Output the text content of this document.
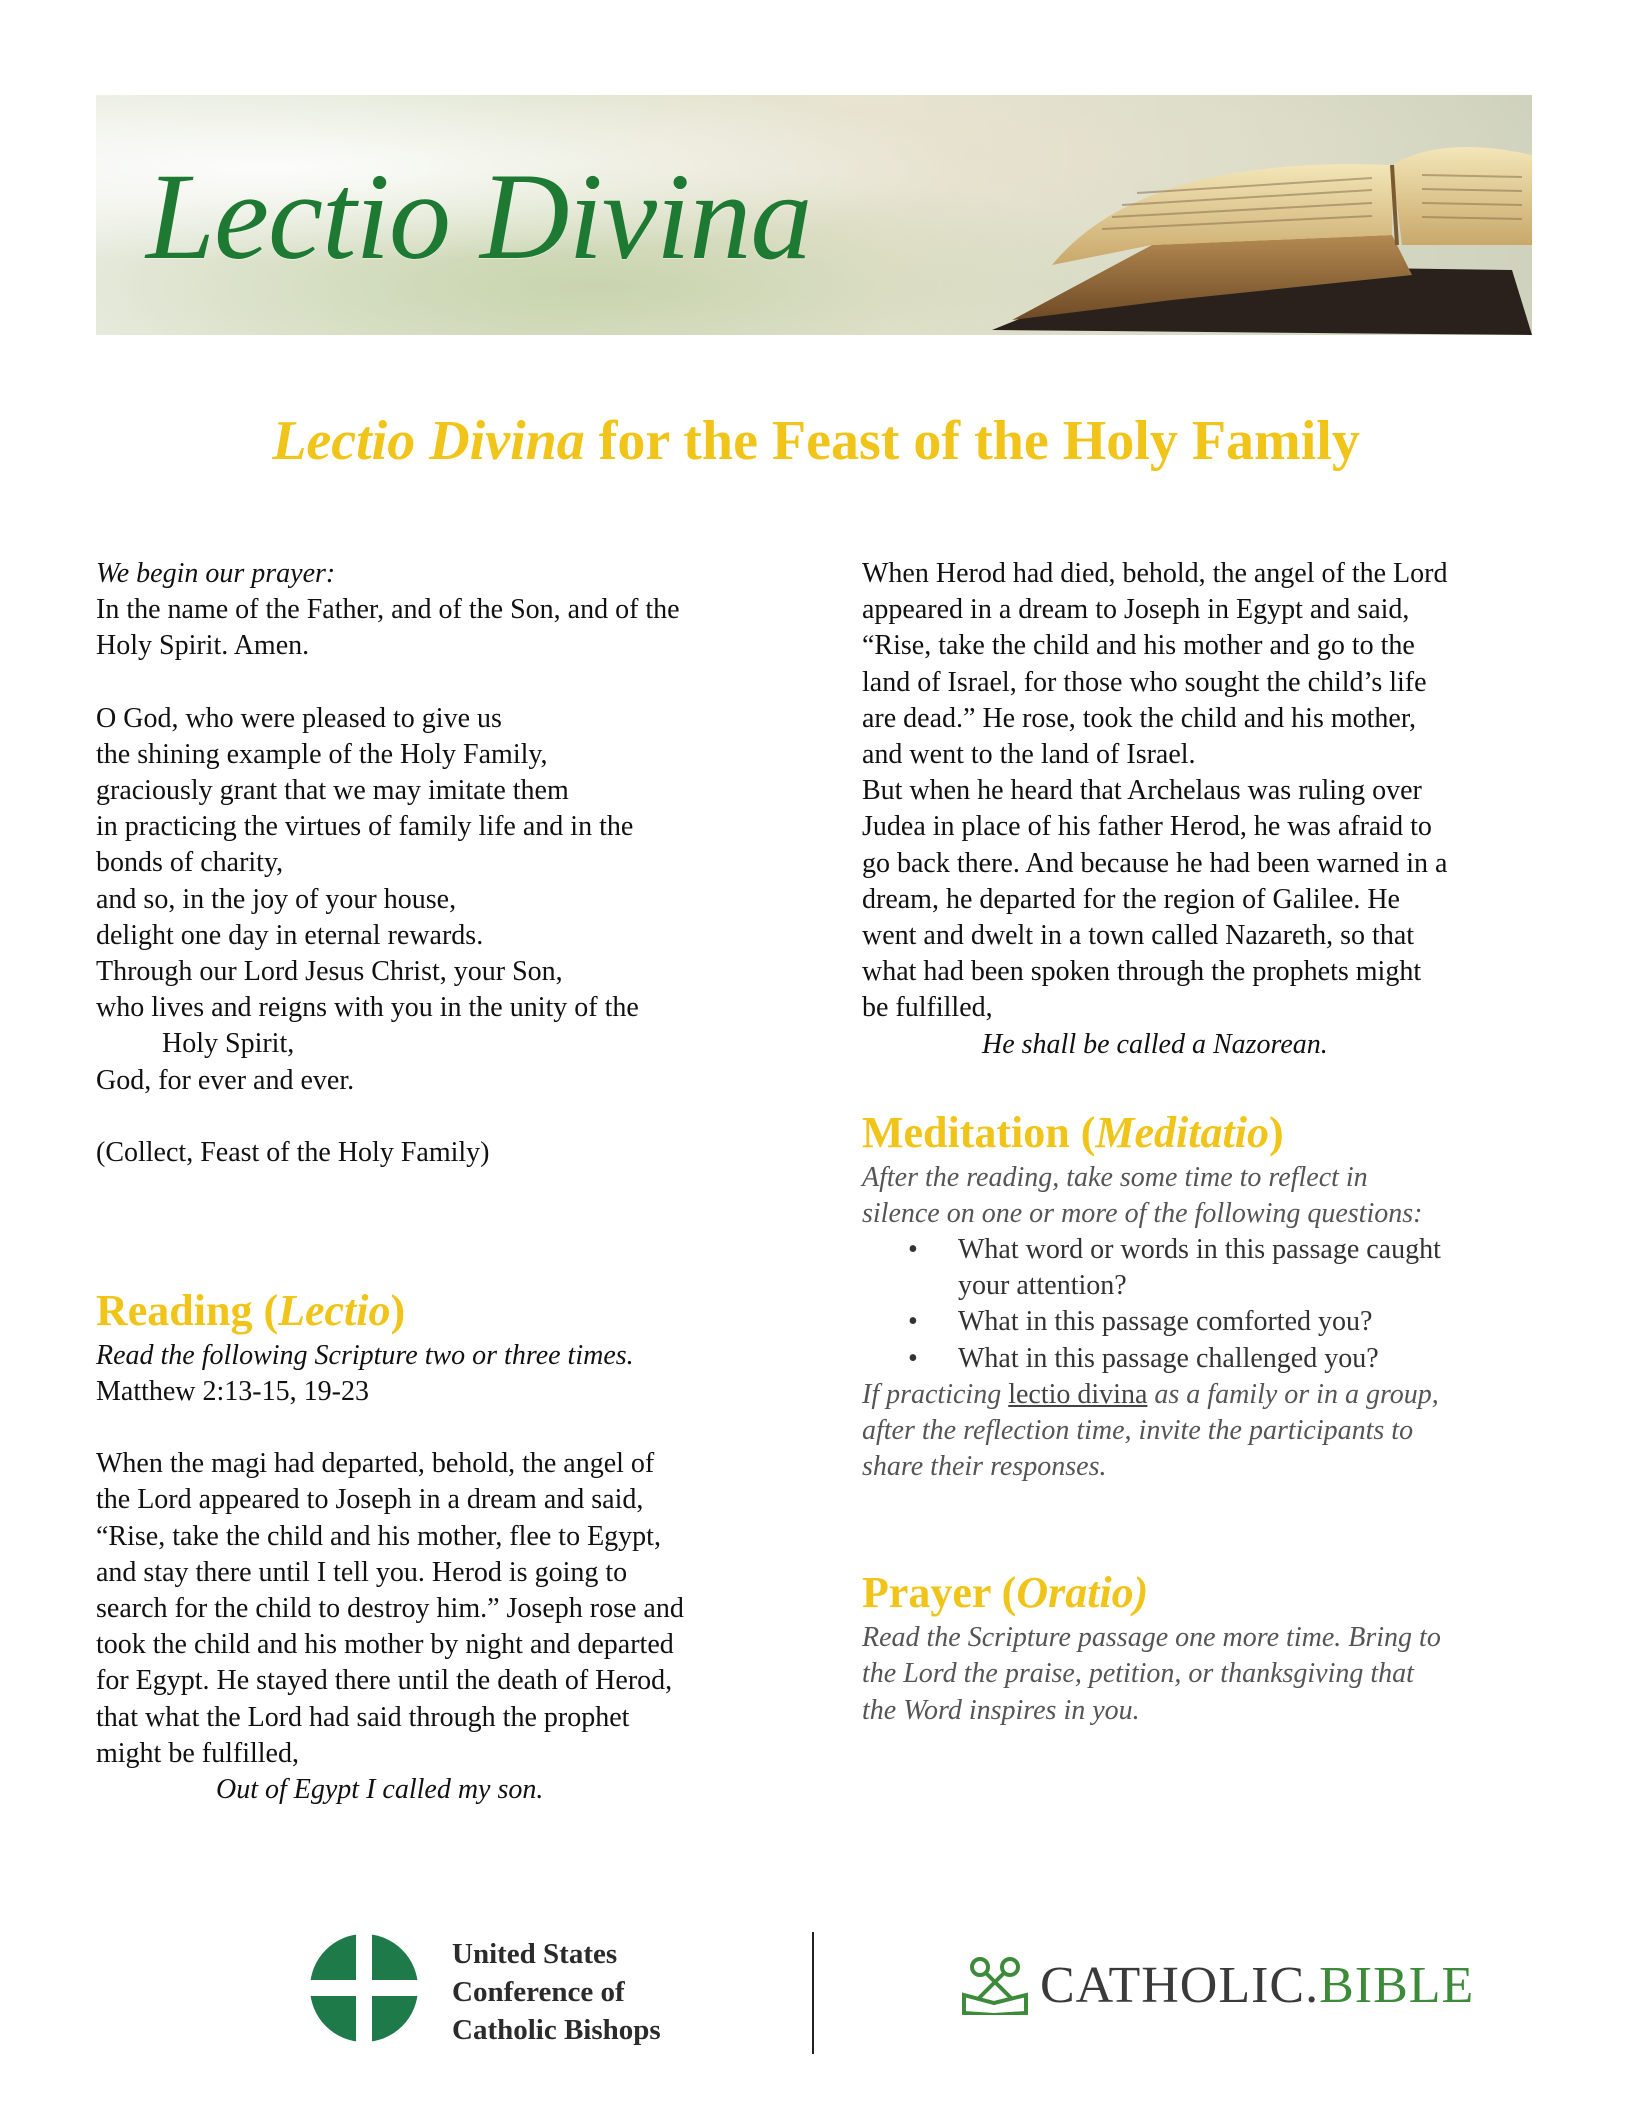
Lectio Divina
Lectio Divina for the Feast of the Holy Family

We begin our prayer:

In the name of the Father, and of the Son, and of the

Holy Spirit. Amen.

O God, who were pleased to give us

the shining example of the Holy Family,

graciously grant that we may imitate them

in practicing the virtues of family life and in the

bonds of charity,

and so, in the joy of your house,

delight one day in eternal rewards.

Through our Lord Jesus Christ, your Son,

who lives and reigns with you in the unity of the

Holy Spirit,

God, for ever and ever.

(Collect, Feast of the Holy Family)

Reading (Lectio)

Read the following Scripture two or three times.

Matthew 2:13-15, 19-23

When the magi had departed, behold, the angel of

the Lord appeared to Joseph in a dream and said,

“Rise, take the child and his mother, flee to Egypt,

and stay there until I tell you. Herod is going to

search for the child to destroy him.” Joseph rose and

took the child and his mother by night and departed

for Egypt. He stayed there until the death of Herod,

that what the Lord had said through the prophet

might be fulfilled,

Out of Egypt I called my son.

When Herod had died, behold, the angel of the Lord

appeared in a dream to Joseph in Egypt and said,

“Rise, take the child and his mother and go to the

land of Israel, for those who sought the child’s life

are dead.” He rose, took the child and his mother,

and went to the land of Israel.

But when he heard that Archelaus was ruling over

Judea in place of his father Herod, he was afraid to

go back there. And because he had been warned in a

dream, he departed for the region of Galilee. He

went and dwelt in a town called Nazareth, so that

what had been spoken through the prophets might

be fulfilled,

He shall be called a Nazorean.

Meditation (Meditatio)

After the reading, take some time to reflect in

silence on one or more of the following questions:

• What word or words in this passage caught
your attention?
• What in this passage comforted you?
• What in this passage challenged you?

If practicing lectio divina as a family or in a group,

after the reflection time, invite the participants to

share their responses.

Prayer (Oratio)

Read the Scripture passage one more time. Bring to

the Lord the praise, petition, or thanksgiving that

the Word inspires in you.

United States
Conference of
Catholic Bishops
CATHOLIC.BIBLE
